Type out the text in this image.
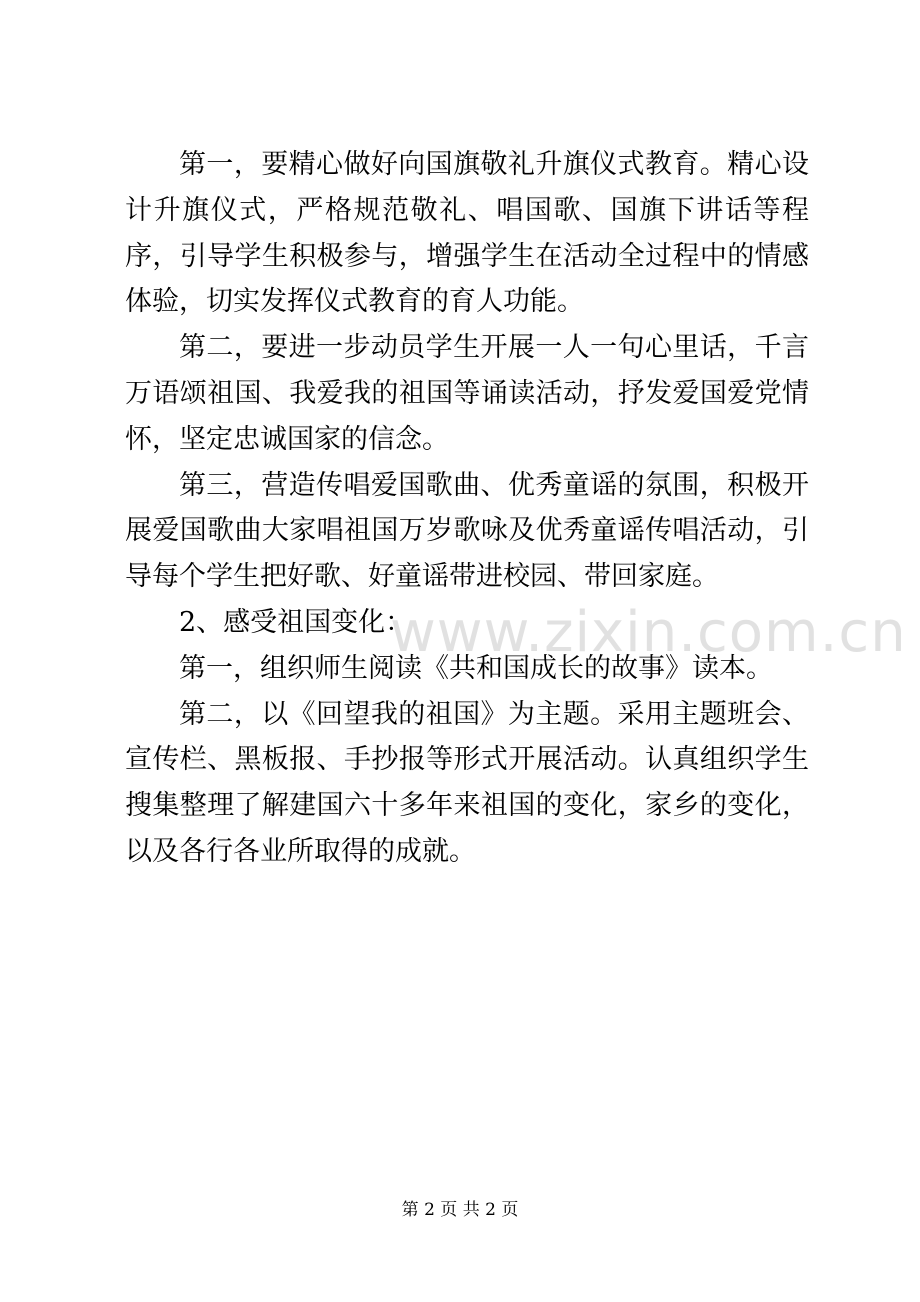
第一，要精心做好向国旗敬礼升旗仪式教育。精心设计升旗仪式，严格规范敬礼、唱国歌、国旗下讲话等程序，引导学生积极参与，增强学生在活动全过程中的情感体验，切实发挥仪式教育的育人功能。

第二，要进一步动员学生开展一人一句心里话，千言万语颂祖国、我爱我的祖国等诵读活动，抒发爱国爱党情怀，坚定忠诚国家的信念。

第三，营造传唱爱国歌曲、优秀童谣的氛围，积极开展爱国歌曲大家唱祖国万岁歌咏及优秀童谣传唱活动，引导每个学生把好歌、好童谣带进校园、带回家庭。

2、感受祖国变化：

第一，组织师生阅读《共和国成长的故事》读本。

第二，以《回望我的祖国》为主题。采用主题班会、宣传栏、黑板报、手抄报等形式开展活动。认真组织学生搜集整理了解建国六十多年来祖国的变化，家乡的变化，以及各行各业所取得的成就。

www.zixin.com.cn
第 2 页 共 2 页
